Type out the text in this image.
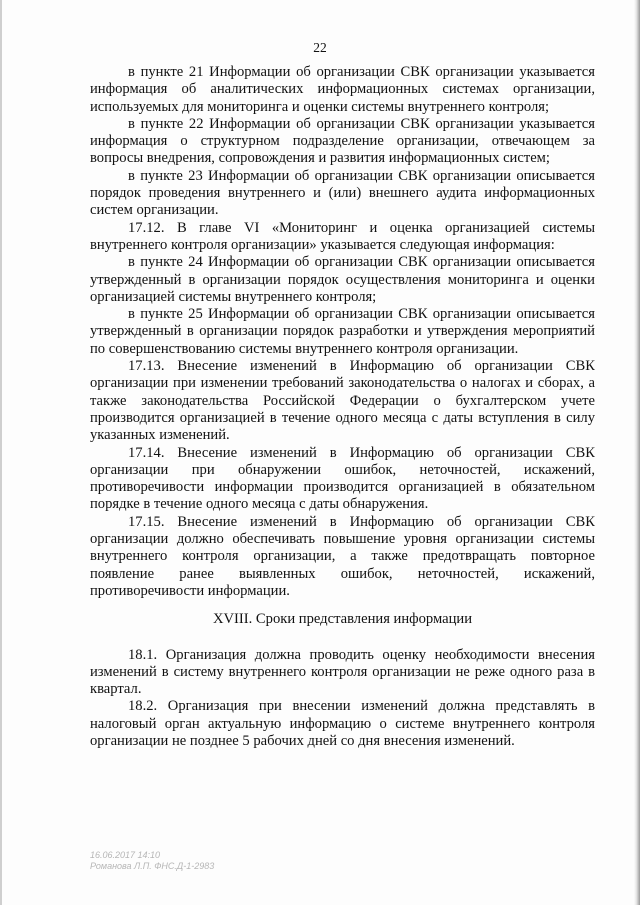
22

в пункте 21 Информации об организации СВК организации указывается информация об аналитических информационных системах организации, используемых для мониторинга и оценки системы внутреннего контроля;

в пункте 22 Информации об организации СВК организации указывается информация о структурном подразделение организации, отвечающем за вопросы внедрения, сопровождения и развития информационных систем;

в пункте 23 Информации об организации СВК организации описывается порядок проведения внутреннего и (или) внешнего аудита информационных систем организации.

17.12. В главе VI «Мониторинг и оценка организацией системы внутреннего контроля организации» указывается следующая информация:

в пункте 24 Информации об организации СВК организации описывается утвержденный в организации порядок осуществления мониторинга и оценки организацией системы внутреннего контроля;

в пункте 25 Информации об организации СВК организации описывается утвержденный в организации порядок разработки и утверждения мероприятий по совершенствованию системы внутреннего контроля организации.

17.13. Внесение изменений в Информацию об организации СВК организации при изменении требований законодательства о налогах и сборах, а также законодательства Российской Федерации о бухгалтерском учете производится организацией в течение одного месяца с даты вступления в силу указанных изменений.

17.14. Внесение изменений в Информацию об организации СВК организации при обнаружении ошибок, неточностей, искажений, противоречивости информации производится организацией в обязательном порядке в течение одного месяца с даты обнаружения.

17.15. Внесение изменений в Информацию об организации СВК организации должно обеспечивать повышение уровня организации системы внутреннего контроля организации, а также предотвращать повторное появление ранее выявленных ошибок, неточностей, искажений, противоречивости информации.

XVIII. Сроки представления информации

18.1. Организация должна проводить оценку необходимости внесения изменений в систему внутреннего контроля организации не реже одного раза в квартал.

18.2. Организация при внесении изменений должна представлять в налоговый орган актуальную информацию о системе внутреннего контроля организации не позднее 5 рабочих дней со дня внесения изменений.

16.06.2017 14:10
Романова Л.П. ФНС.Д-1-2983
